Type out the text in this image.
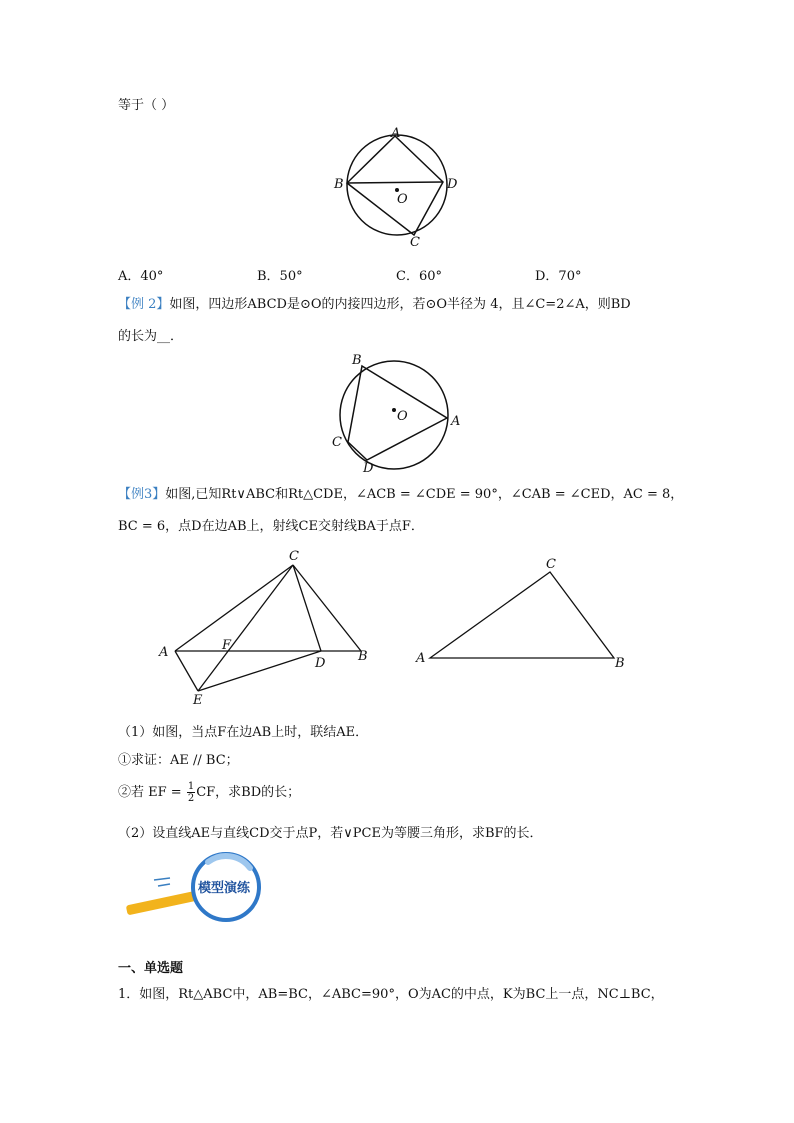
等于（ ）
A
B
C
D
O
A．40°	B．50°	C．60°	D．70°
【例 2】如图，四边形ABCD是⊙O的内接四边形，若⊙O半径为 4，且∠C=2∠A，则BD
的长为__．
B
A
C
D
O
【例3】如图,已知Rt∨ABC和Rt△CDE，∠ACB = ∠CDE = 90°，∠CAB = ∠CED，AC = 8，
BC = 6，点D在边AB上，射线CE交射线BA于点F．
C
A	B
F
D
E
C
A	B
（1）如图，当点F在边AB上时，联结AE．
①求证：AE // BC；
②若 EF = $\frac{1}{2}$ CF，求BD的长；
（2）设直线AE与直线CD交于点P，若∨PCE为等腰三角形，求BF的长．
模型演练
一、单选题
1．如图，Rt△ABC中，AB=BC，∠ABC=90°，O为AC的中点，K为BC上一点，NC⊥BC，
